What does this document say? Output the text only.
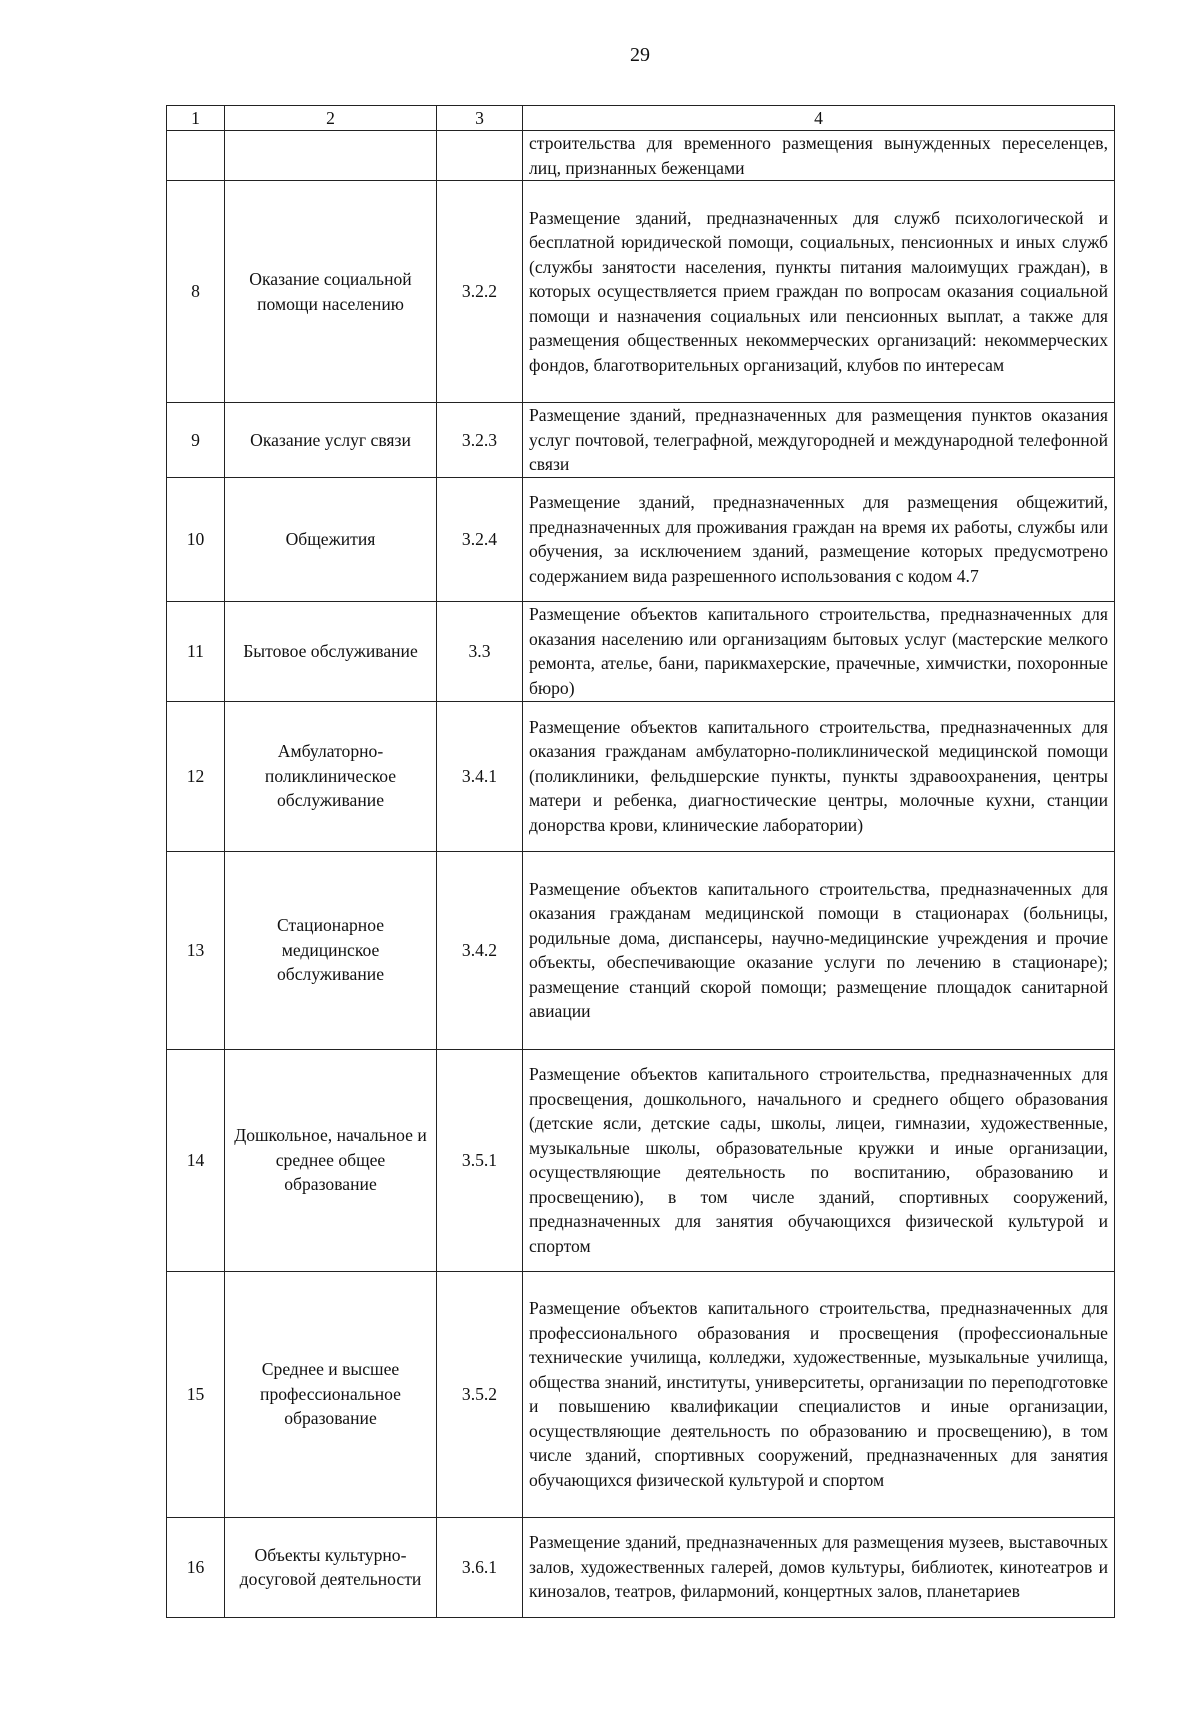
29
1	2	3	4
			строительства для временного размещения вынужденных переселенцев, лиц, признанных беженцами
8	Оказание социальной помощи населению	3.2.2	Размещение зданий, предназначенных для служб психологической и бесплатной юридической помощи, социальных, пенсионных и иных служб (службы занятости населения, пункты питания малоимущих граждан), в которых осуществляется прием граждан по вопросам оказания социальной помощи и назначения социальных или пенсионных выплат, а также для размещения общественных некоммерческих организаций: некоммерческих фондов, благотворительных организаций, клубов по интересам
9	Оказание услуг связи	3.2.3	Размещение зданий, предназначенных для размещения пунктов оказания услуг почтовой, телеграфной, междугородней и международной телефонной связи
10	Общежития	3.2.4	Размещение зданий, предназначенных для размещения общежитий, предназначенных для проживания граждан на время их работы, службы или обучения, за исключением зданий, размещение которых предусмотрено содержанием вида разрешенного использования с кодом 4.7
11	Бытовое обслуживание	3.3	Размещение объектов капитального строительства, предназначенных для оказания населению или организациям бытовых услуг (мастерские мелкого ремонта, ателье, бани, парикмахерские, прачечные, химчистки, похоронные бюро)
12	Амбулаторно-поликлиническое обслуживание	3.4.1	Размещение объектов капитального строительства, предназначенных для оказания гражданам амбулаторно-поликлинической медицинской помощи (поликлиники, фельдшерские пункты, пункты здравоохранения, центры матери и ребенка, диагностические центры, молочные кухни, станции донорства крови, клинические лаборатории)
13	Стационарное медицинское обслуживание	3.4.2	Размещение объектов капитального строительства, предназначенных для оказания гражданам медицинской помощи в стационарах (больницы, родильные дома, диспансеры, научно-медицинские учреждения и прочие объекты, обеспечивающие оказание услуги по лечению в стационаре); размещение станций скорой помощи; размещение площадок санитарной авиации
14	Дошкольное, начальное и среднее общее образование	3.5.1	Размещение объектов капитального строительства, предназначенных для просвещения, дошкольного, начального и среднего общего образования (детские ясли, детские сады, школы, лицеи, гимназии, художественные, музыкальные школы, образовательные кружки и иные организации, осуществляющие деятельность по воспитанию, образованию и просвещению), в том числе зданий, спортивных сооружений, предназначенных для занятия обучающихся физической культурой и спортом
15	Среднее и высшее профессиональное образование	3.5.2	Размещение объектов капитального строительства, предназначенных для профессионального образования и просвещения (профессиональные технические училища, колледжи, художественные, музыкальные училища, общества знаний, институты, университеты, организации по переподготовке и повышению квалификации специалистов и иные организации, осуществляющие деятельность по образованию и просвещению), в том числе зданий, спортивных сооружений, предназначенных для занятия обучающихся физической культурой и спортом
16	Объекты культурно-досуговой деятельности	3.6.1	Размещение зданий, предназначенных для размещения музеев, выставочных залов, художественных галерей, домов культуры, библиотек, кинотеатров и кинозалов, театров, филармоний, концертных залов, планетариев
